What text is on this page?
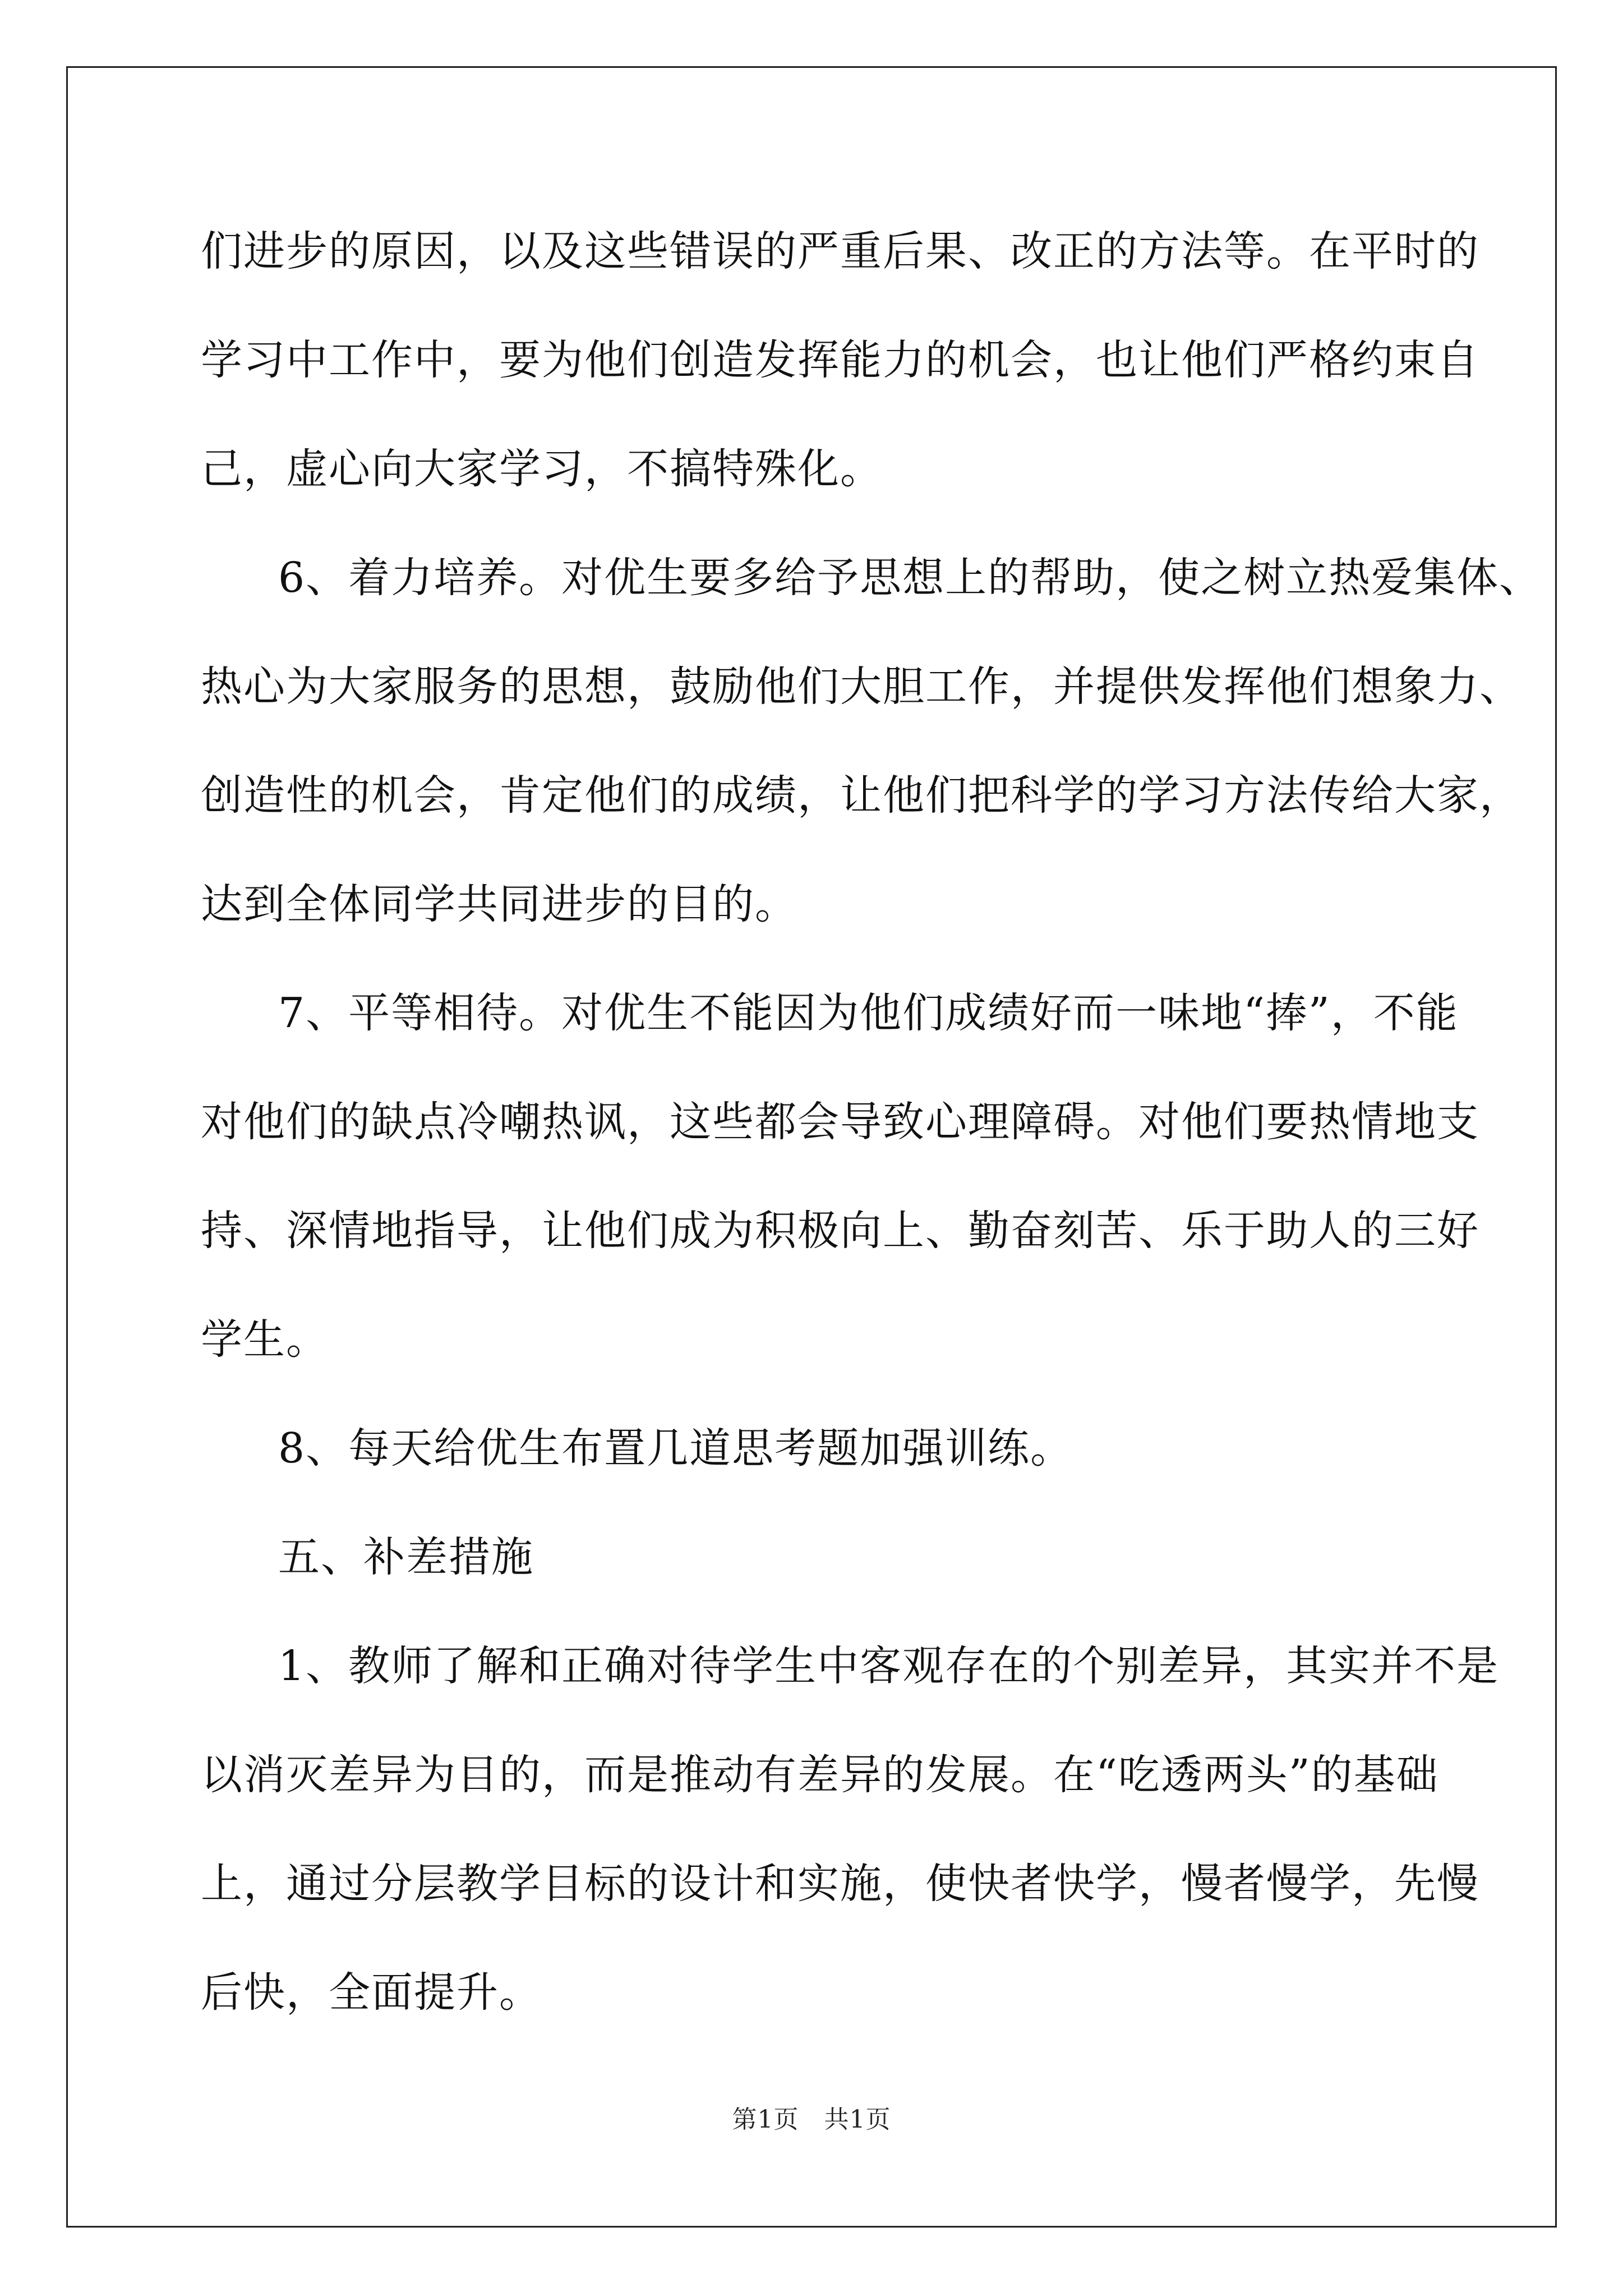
们进步的原因，以及这些错误的严重后果、改正的方法等。在平时的
学习中工作中，要为他们创造发挥能力的机会，也让他们严格约束自
己，虚心向大家学习，不搞特殊化。
6、着力培养。对优生要多给予思想上的帮助，使之树立热爱集体、
热心为大家服务的思想，鼓励他们大胆工作，并提供发挥他们想象力、
创造性的机会，肯定他们的成绩，让他们把科学的学习方法传给大家，
达到全体同学共同进步的目的。
7、平等相待。对优生不能因为他们成绩好而一味地“捧”，不能
对他们的缺点冷嘲热讽，这些都会导致心理障碍。对他们要热情地支
持、深情地指导，让他们成为积极向上、勤奋刻苦、乐于助人的三好
学生。
8、每天给优生布置几道思考题加强训练。
五、补差措施
1、教师了解和正确对待学生中客观存在的个别差异，其实并不是
以消灭差异为目的，而是推动有差异的发展。在“吃透两头”的基础
上，通过分层教学目标的设计和实施，使快者快学，慢者慢学，先慢
后快，全面提升。
第1页　共1页
